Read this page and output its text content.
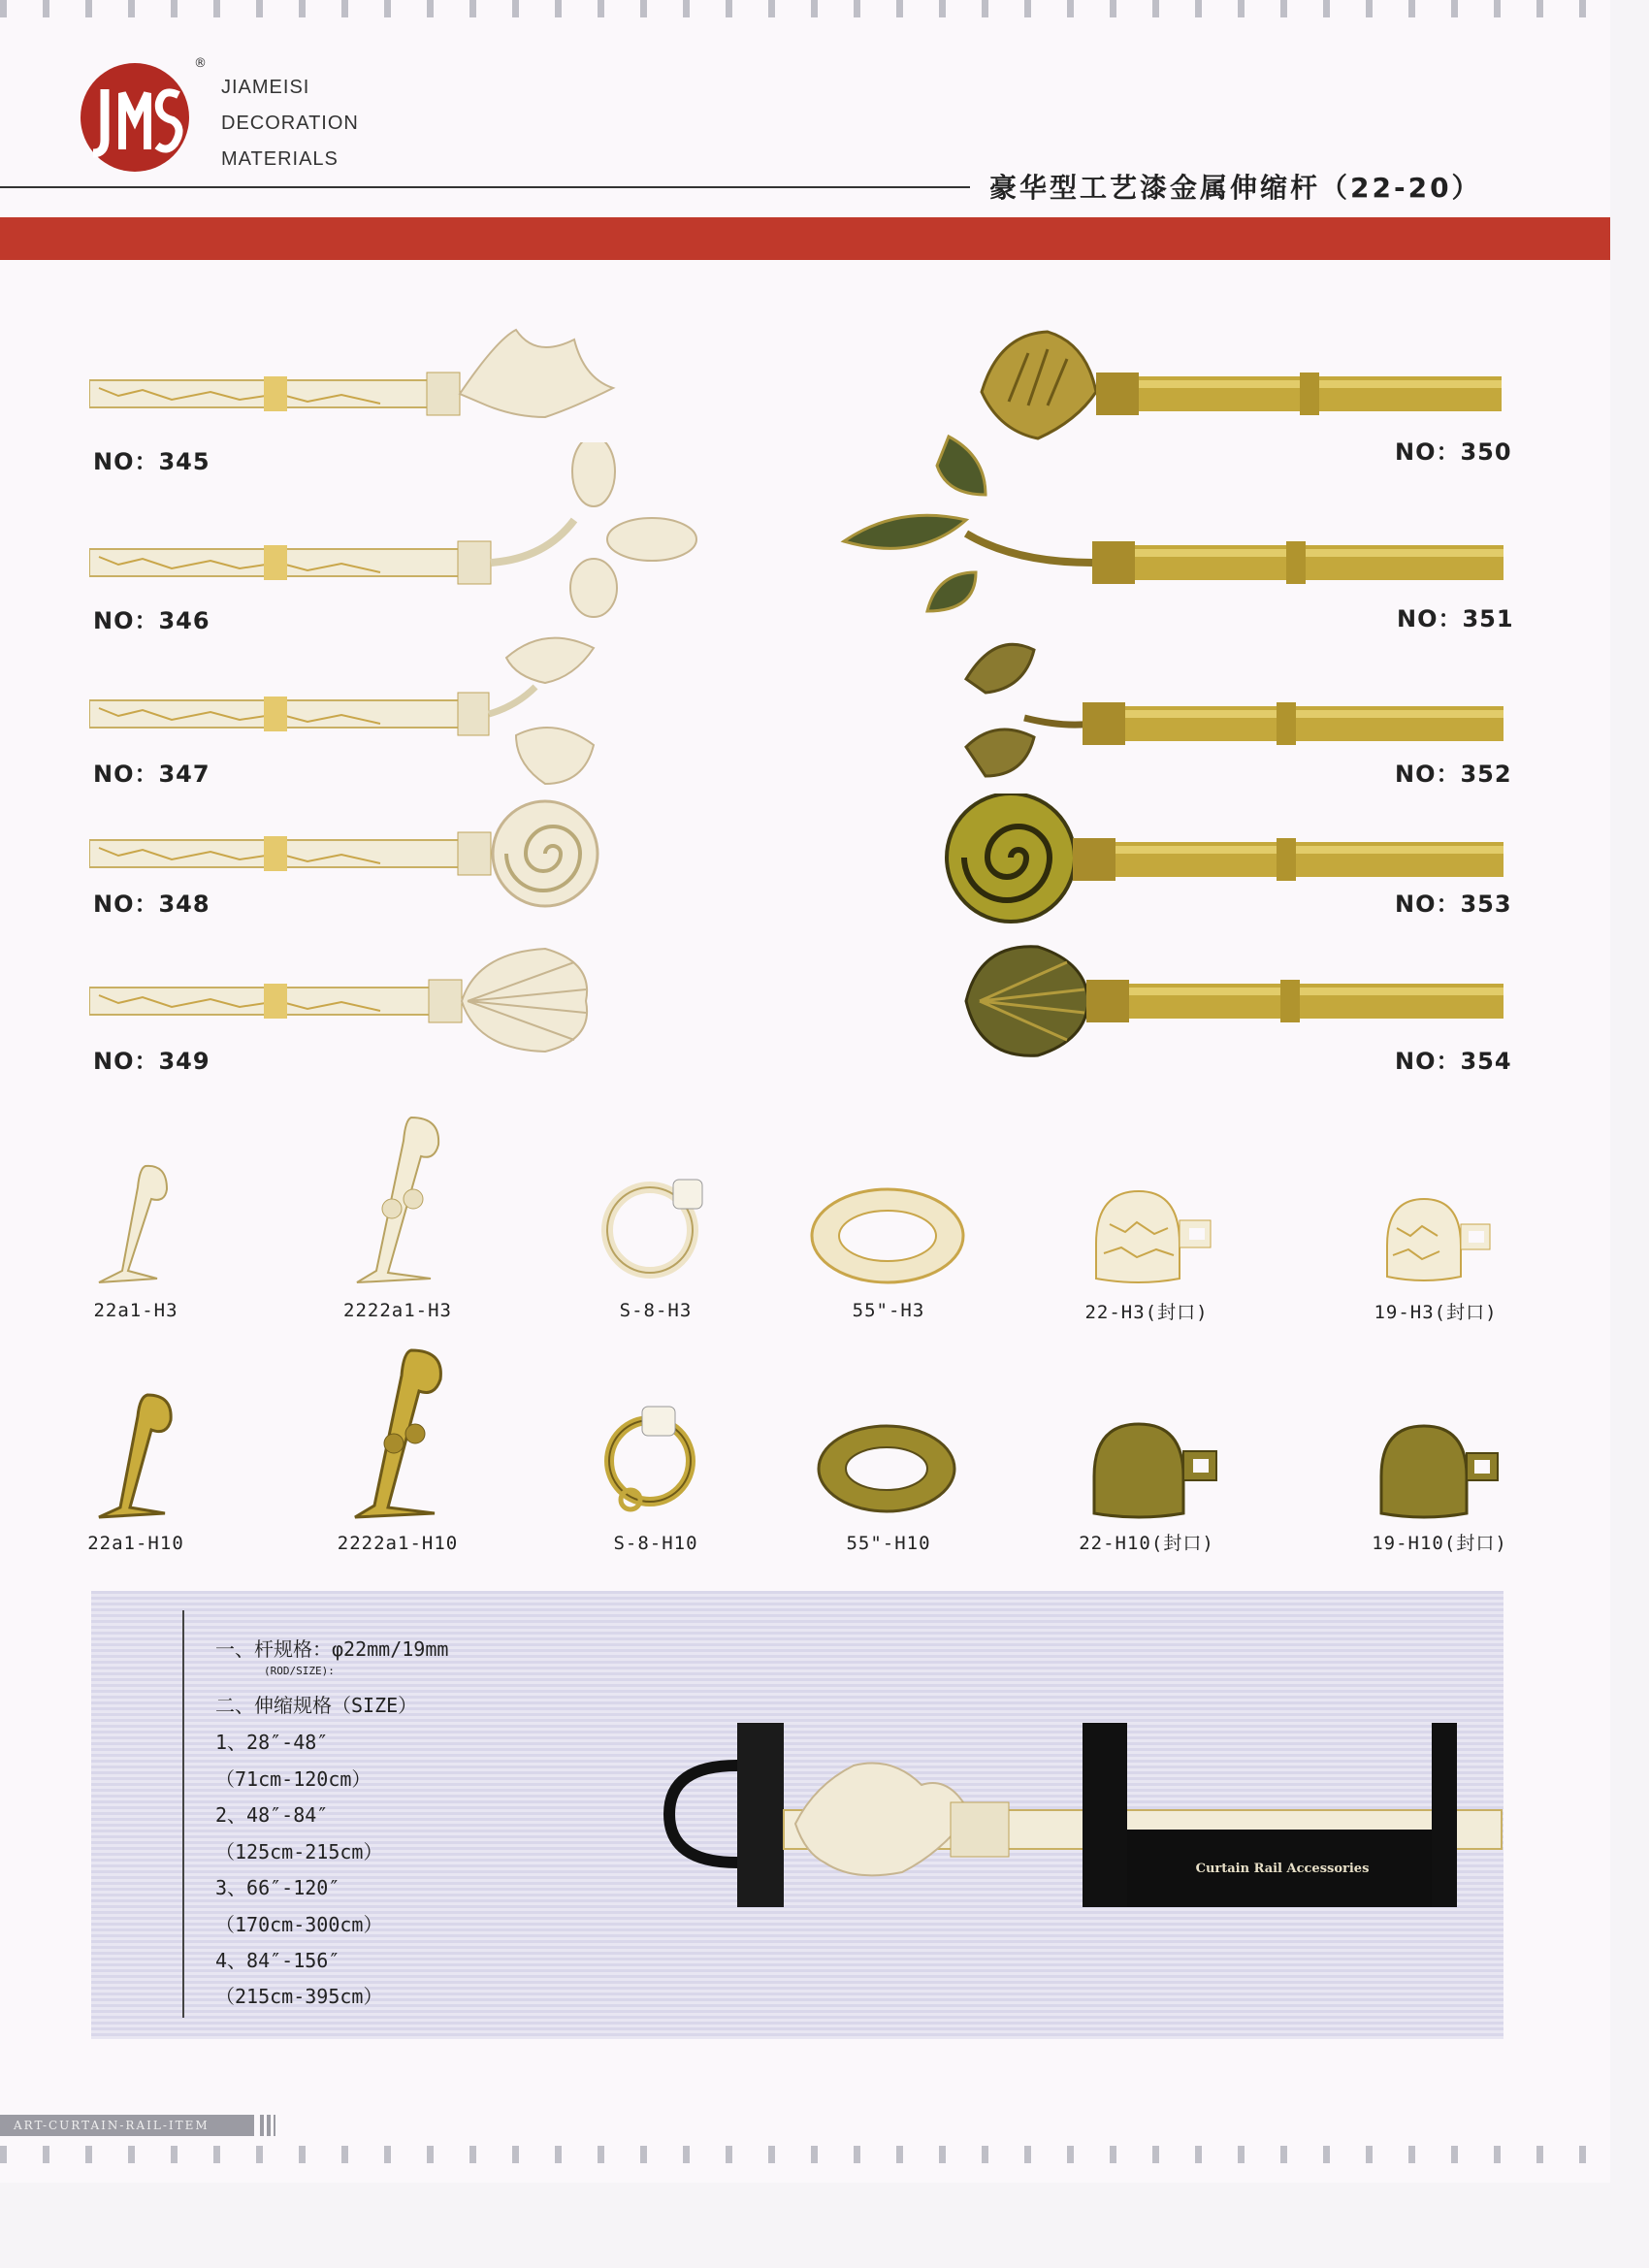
®
JIAMEISI
DECORATION
MATERIALS
豪华型工艺漆金属伸缩杆（22-20）
NO：345
NO：346
NO：347
NO：348
NO：349
NO：350
NO：351
NO：352
NO：353
NO：354
22a1-H3	2222a1-H3	S-8-H3	55"-H3	22-H3(封口)	19-H3(封口)
22a1-H10	2222a1-H10	S-8-H10	55"-H10	22-H10(封口)	19-H10(封口)
一、杆规格：φ22mm/19mm
(ROD/SIZE):
二、伸缩规格（SIZE）
1、28″-48″
（71cm-120cm）
2、48″-84″
（125cm-215cm）
3、66″-120″
（170cm-300cm）
4、84″-156″
（215cm-395cm）
Curtain Rail Accessories
ART-CURTAIN-RAIL-ITEM
